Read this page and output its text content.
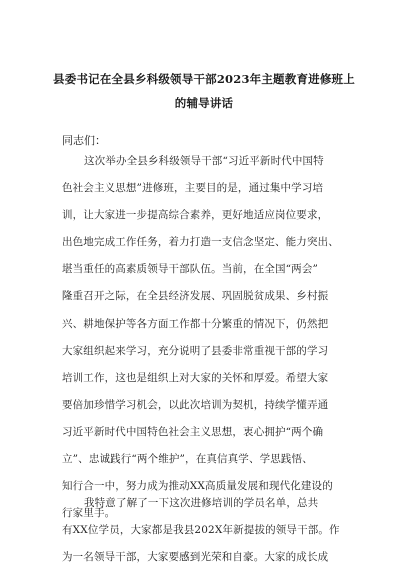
县委书记在全县乡科级领导干部2023年主题教育进修班上
的辅导讲话
同志们：
这次举办全县乡科级领导干部“习近平新时代中国特
色社会主义思想”进修班，主要目的是，通过集中学习培
训，让大家进一步提高综合素养，更好地适应岗位要求，
出色地完成工作任务，着力打造一支信念坚定、能力突出、
堪当重任的高素质领导干部队伍。当前，在全国“两会”
隆重召开之际，在全县经济发展、巩固脱贫成果、乡村振
兴、耕地保护等各方面工作都十分繁重的情况下，仍然把
大家组织起来学习，充分说明了县委非常重视干部的学习
培训工作，这也是组织上对大家的关怀和厚爱。希望大家
要倍加珍惜学习机会，以此次培训为契机，持续学懂弄通
习近平新时代中国特色社会主义思想，衷心拥护“两个确
立”、忠诚践行“两个维护”，在真信真学、学思践悟、
知行合一中，努力成为推动XX高质量发展和现代化建设的
行家里手。
我特意了解了一下这次进修培训的学员名单，总共
有XX位学员，大家都是我县202X年新提拔的领导干部。作
为一名领导干部，大家要感到光荣和自豪。大家的成长成
